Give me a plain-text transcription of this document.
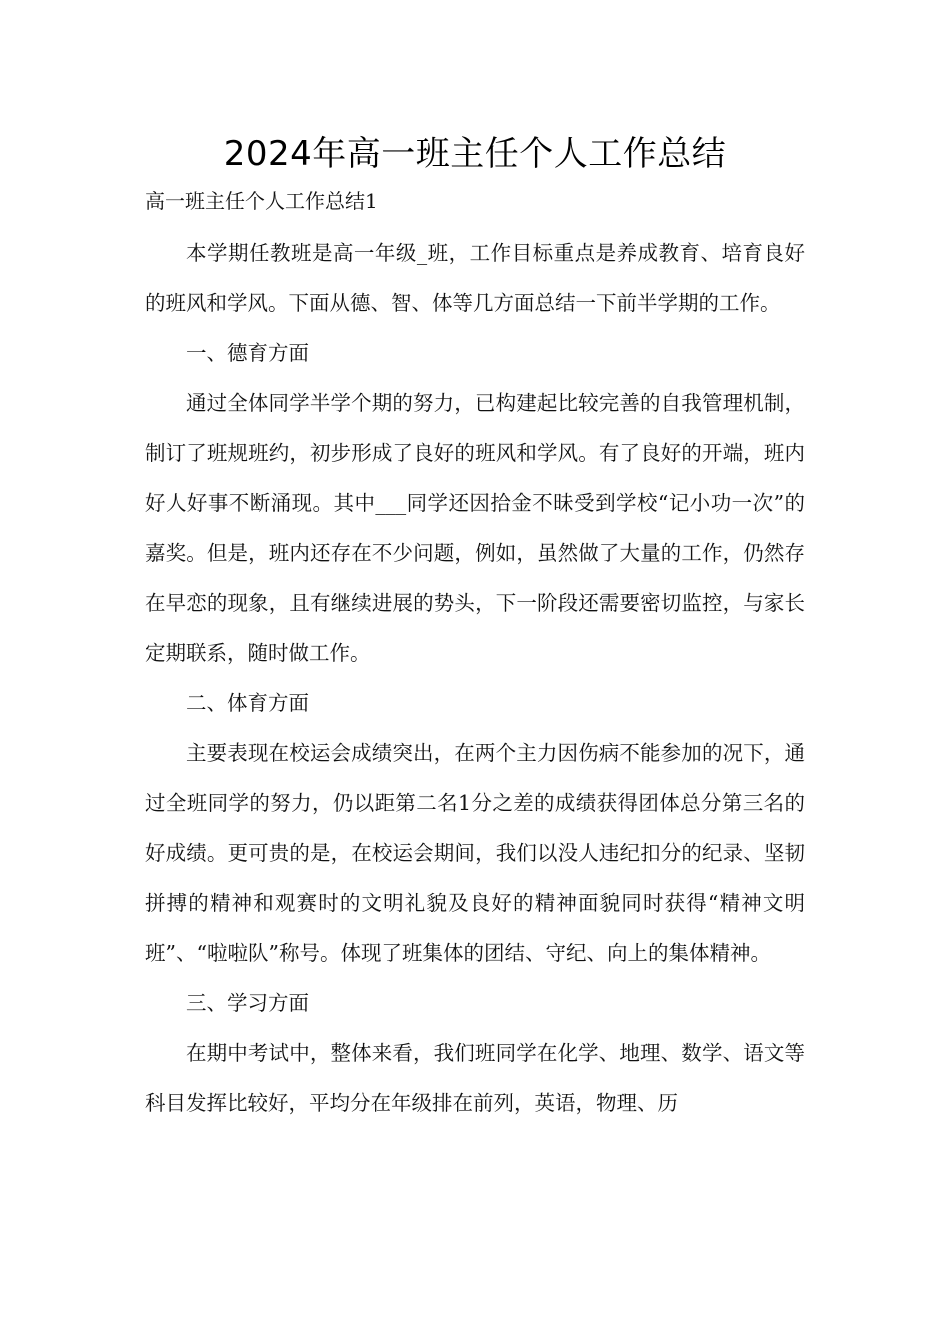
2024年高一班主任个人工作总结
高一班主任个人工作总结1

本学期任教班是高一年级_班，工作目标重点是养成教育、培育良好的班风和学风。下面从德、智、体等几方面总结一下前半学期的工作。

一、德育方面

通过全体同学半学个期的努力，已构建起比较完善的自我管理机制，制订了班规班约，初步形成了良好的班风和学风。有了良好的开端，班内好人好事不断涌现。其中___同学还因拾金不昧受到学校“记小功一次”的嘉奖。但是，班内还存在不少问题，例如，虽然做了大量的工作，仍然存在早恋的现象，且有继续进展的势头，下一阶段还需要密切监控，与家长定期联系，随时做工作。

二、体育方面

主要表现在校运会成绩突出，在两个主力因伤病不能参加的况下，通过全班同学的努力，仍以距第二名1分之差的成绩获得团体总分第三名的好成绩。更可贵的是，在校运会期间，我们以没人违纪扣分的纪录、坚韧拼搏的精神和观赛时的文明礼貌及良好的精神面貌同时获得“精神文明班”、“啦啦队”称号。体现了班集体的团结、守纪、向上的集体精神。

三、学习方面

在期中考试中，整体来看，我们班同学在化学、地理、数学、语文等科目发挥比较好，平均分在年级排在前列，英语，物理、历
